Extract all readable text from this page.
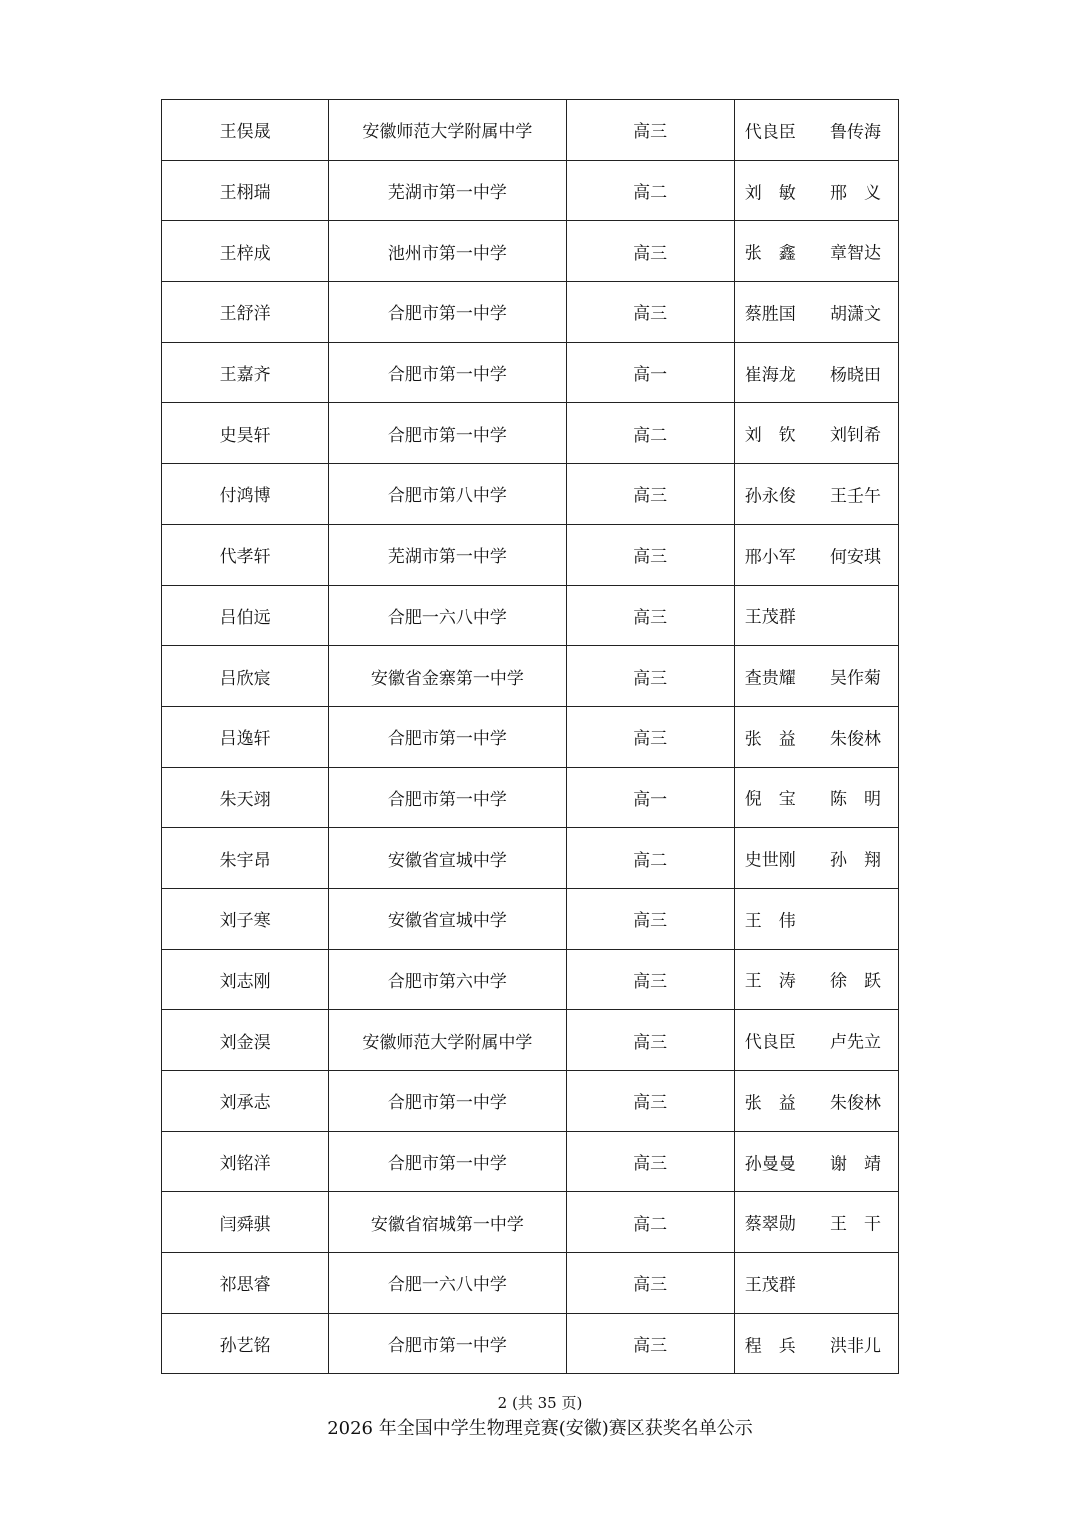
王俣晟	安徽师范大学附属中学	高三	代良臣 鲁传海

王栩瑞	芜湖市第一中学	高二	刘　敏 邢　义

王梓成	池州市第一中学	高三	张　鑫 章智达

王舒洋	合肥市第一中学	高三	蔡胜国 胡潇文

王嘉齐	合肥市第一中学	高一	崔海龙 杨晓田

史昊轩	合肥市第一中学	高二	刘　钦 刘钊希

付鸿博	合肥市第八中学	高三	孙永俊 王壬午

代孝轩	芜湖市第一中学	高三	邢小军 何安琪

吕伯远	合肥一六八中学	高三	王茂群

吕欣宸	安徽省金寨第一中学	高三	查贵耀 吴作菊

吕逸轩	合肥市第一中学	高三	张　益 朱俊林

朱天翊	合肥市第一中学	高一	倪　宝 陈　明

朱宇昂	安徽省宣城中学	高二	史世刚 孙　翔

刘子寒	安徽省宣城中学	高三	王　伟

刘志刚	合肥市第六中学	高三	王　涛 徐　跃

刘金淏	安徽师范大学附属中学	高三	代良臣 卢先立

刘承志	合肥市第一中学	高三	张　益 朱俊林

刘铭洋	合肥市第一中学	高三	孙曼曼 谢　靖

闫舜骐	安徽省宿城第一中学	高二	蔡翠勋 王　干

祁思睿	合肥一六八中学	高三	王茂群

孙艺铭	合肥市第一中学	高三	程　兵 洪非儿
2 (共 35 页)
2026 年全国中学生物理竞赛(安徽)赛区获奖名单公示
